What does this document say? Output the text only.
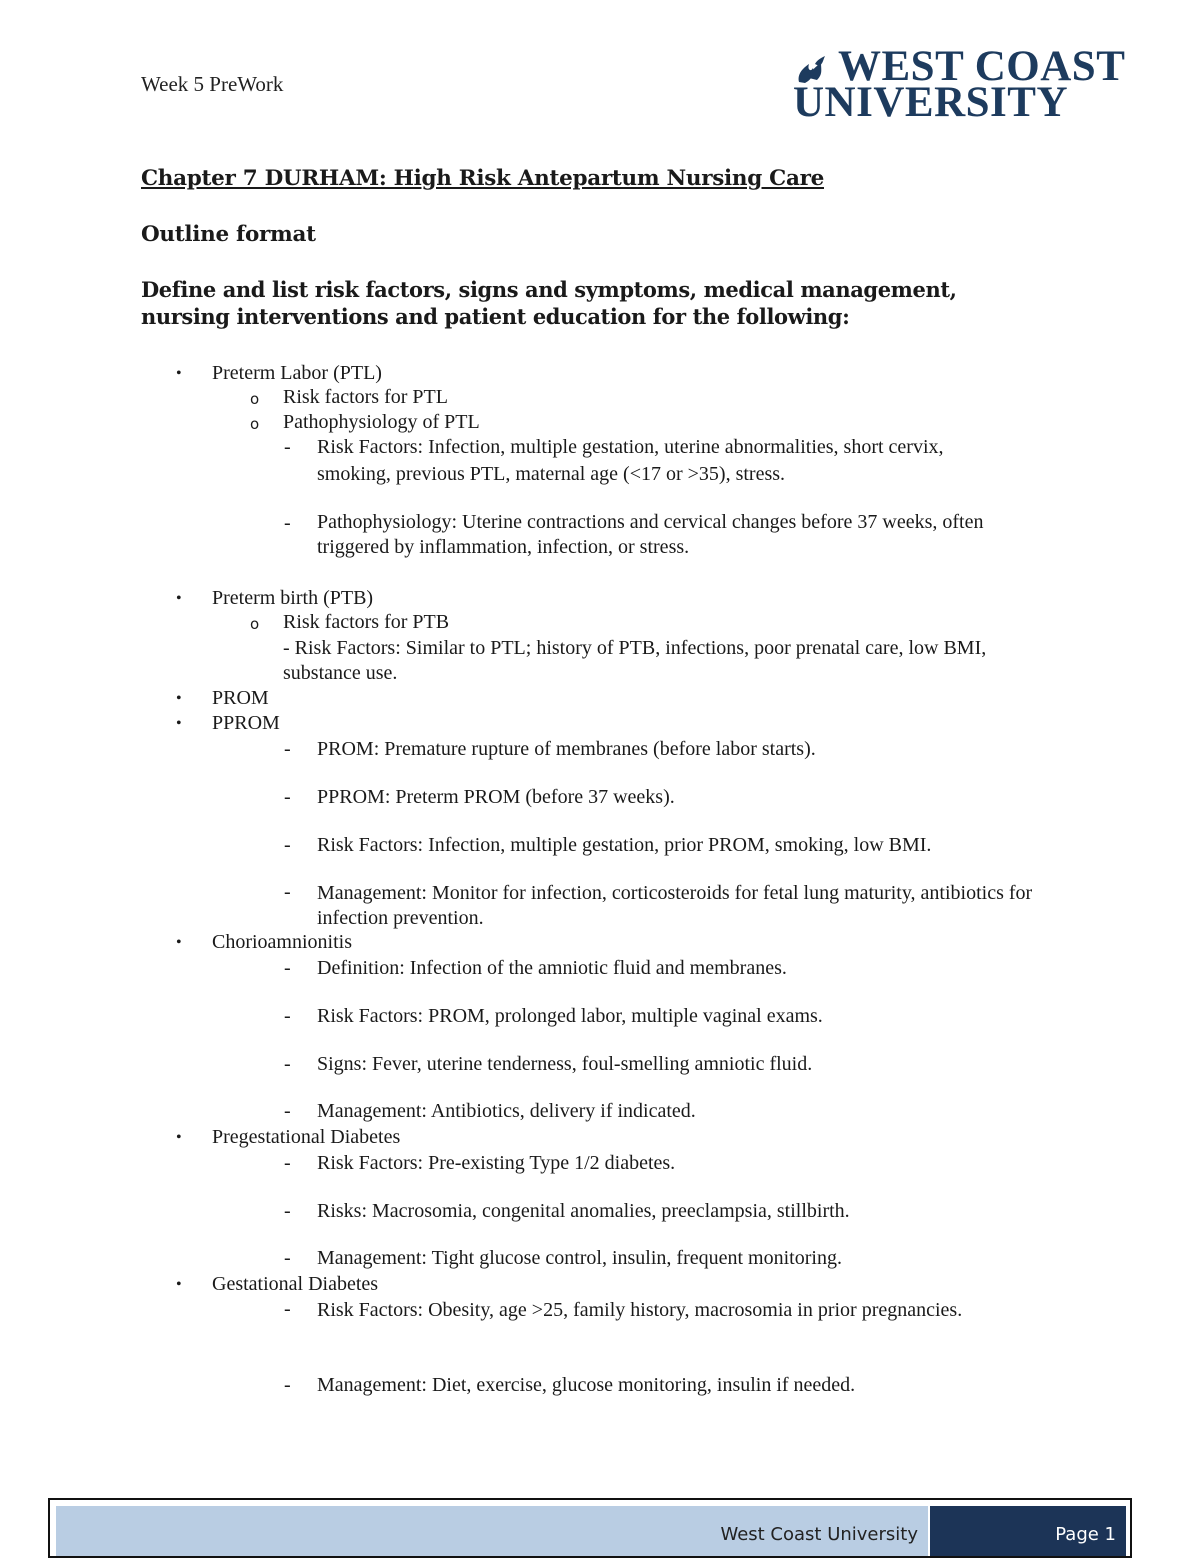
Week 5 PreWork	WEST COAST
UNIVERSITY
Chapter 7 DURHAM: High Risk Antepartum Nursing Care
Outline format
Define and list risk factors, signs and symptoms, medical management, nursing interventions and patient education for the following:
• Preterm Labor (PTL)
o Risk factors for PTL
o Pathophysiology of PTL
- Risk Factors: Infection, multiple gestation, uterine abnormalities, short cervix, smoking, previous PTL, maternal age (<17 or >35), stress.
- Pathophysiology: Uterine contractions and cervical changes before 37 weeks, often triggered by inflammation, infection, or stress.
• Preterm birth (PTB)
o Risk factors for PTB
- Risk Factors: Similar to PTL; history of PTB, infections, poor prenatal care, low BMI, substance use.
• PROM
• PPROM
- PROM: Premature rupture of membranes (before labor starts).
- PPROM: Preterm PROM (before 37 weeks).
- Risk Factors: Infection, multiple gestation, prior PROM, smoking, low BMI.
- Management: Monitor for infection, corticosteroids for fetal lung maturity, antibiotics for infection prevention.
• Chorioamnionitis
- Definition: Infection of the amniotic fluid and membranes.
- Risk Factors: PROM, prolonged labor, multiple vaginal exams.
- Signs: Fever, uterine tenderness, foul-smelling amniotic fluid.
- Management: Antibiotics, delivery if indicated.
• Pregestational Diabetes
- Risk Factors: Pre-existing Type 1/2 diabetes.
- Risks: Macrosomia, congenital anomalies, preeclampsia, stillbirth.
- Management: Tight glucose control, insulin, frequent monitoring.
• Gestational Diabetes
- Risk Factors: Obesity, age >25, family history, macrosomia in prior pregnancies.
- Management: Diet, exercise, glucose monitoring, insulin if needed.
West Coast University	Page 1
